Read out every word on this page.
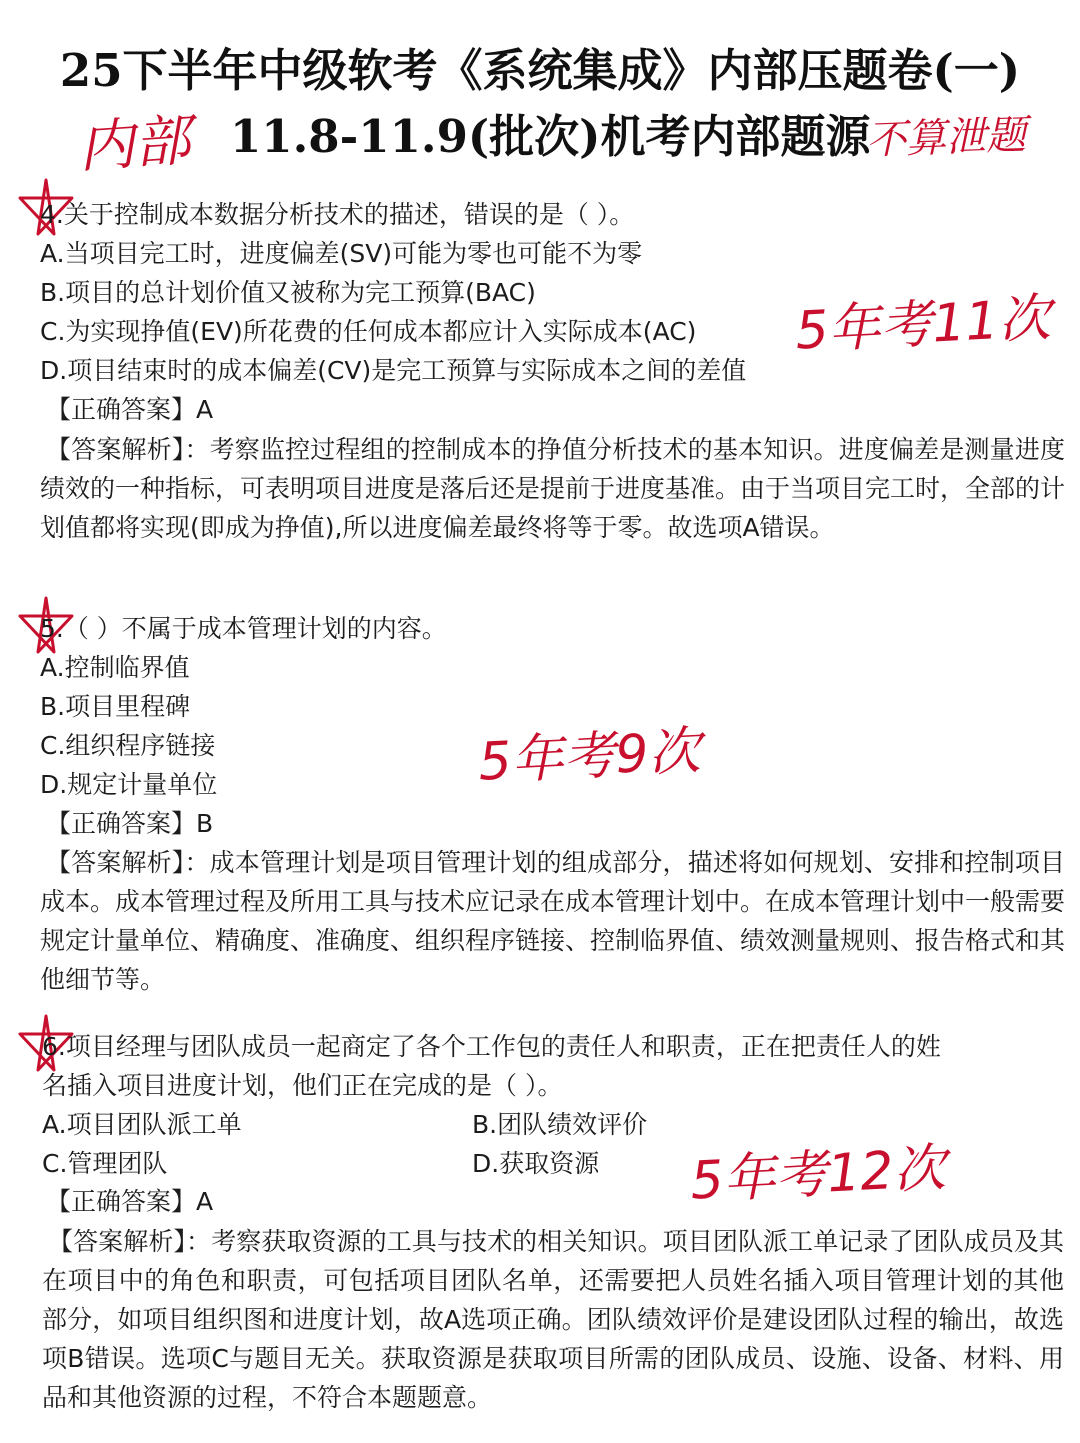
25下半年中级软考《系统集成》内部压题卷(一)
11.8-11.9(批次)机考内部题源
内部	不算泄题
4.关于控制成本数据分析技术的描述，错误的是（ ）。
A.当项目完工时，进度偏差(SV)可能为零也可能不为零
B.项目的总计划价值又被称为完工预算(BAC)
C.为实现挣值(EV)所花费的任何成本都应计入实际成本(AC)
D.项目结束时的成本偏差(CV)是完工预算与实际成本之间的差值
【正确答案】A
【答案解析】：考察监控过程组的控制成本的挣值分析技术的基本知识。进度偏差是测量进度绩效的一种指标，可表明项目进度是落后还是提前于进度基准。由于当项目完工时，全部的计划值都将实现(即成为挣值),所以进度偏差最终将等于零。故选项A错误。
5年考11次
5.（ ）不属于成本管理计划的内容。
A.控制临界值
B.项目里程碑
C.组织程序链接
D.规定计量单位
【正确答案】B
【答案解析】：成本管理计划是项目管理计划的组成部分，描述将如何规划、安排和控制项目成本。成本管理过程及所用工具与技术应记录在成本管理计划中。在成本管理计划中一般需要规定计量单位、精确度、准确度、组织程序链接、控制临界值、绩效测量规则、报告格式和其他细节等。
5年考9次
6.项目经理与团队成员一起商定了各个工作包的责任人和职责，正在把责任人的姓
名插入项目进度计划，他们正在完成的是（ ）。
A.项目团队派工单	B.团队绩效评价
C.管理团队	D.获取资源
【正确答案】A
【答案解析】：考察获取资源的工具与技术的相关知识。项目团队派工单记录了团队成员及其在项目中的角色和职责，可包括项目团队名单，还需要把人员姓名插入项目管理计划的其他部分，如项目组织图和进度计划，故A选项正确。团队绩效评价是建设团队过程的输出，故选项B错误。选项C与题目无关。获取资源是获取项目所需的团队成员、设施、设备、材料、用品和其他资源的过程，不符合本题题意。
5年考12次
